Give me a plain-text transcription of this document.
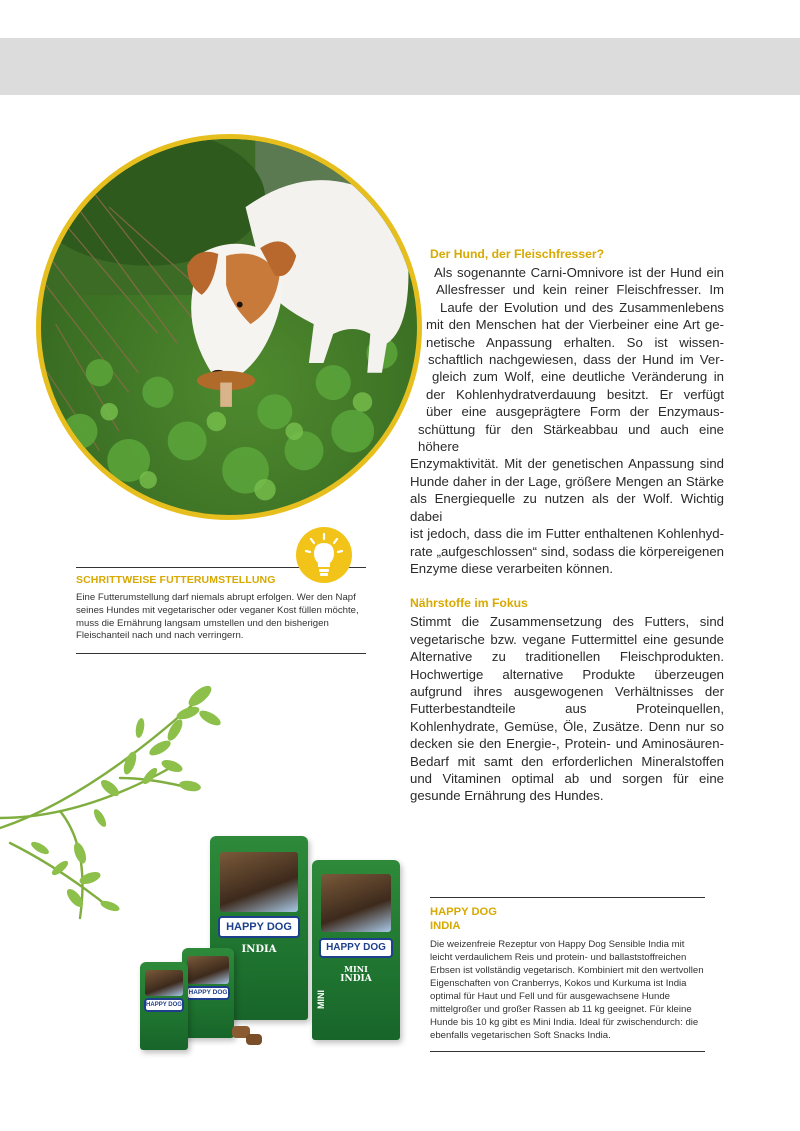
Der Hund, der Fleischfresser?
Als sogenannte Carni-Omnivore ist der Hund ein
Allesfresser und kein reiner Fleischfresser. Im
Laufe der Evolution und des Zusammenlebens
mit den Menschen hat der Vierbeiner eine Art ge-
netische Anpassung erhalten. So ist wissen-
schaftlich nachgewiesen, dass der Hund im Ver-
gleich zum Wolf, eine deutliche Veränderung in
der Kohlenhydratverdauung besitzt. Er verfügt
über eine ausgeprägtere Form der Enzymaus-
schüttung für den Stärkeabbau und auch eine höhere
Enzymaktivität. Mit der genetischen Anpassung sind
Hunde daher in der Lage, größere Mengen an Stärke
als Energiequelle zu nutzen als der Wolf. Wichtig dabei
ist jedoch, dass die im Futter enthaltenen Kohlenhyd-
rate „aufgeschlossen“ sind, sodass die körpereigenen
Enzyme diese verarbeiten können.
Nährstoffe im Fokus

Stimmt die Zusammensetzung des Futters, sind vegetarische bzw. vegane Futtermittel eine gesunde Alternative zu traditionellen Fleischprodukten. Hochwertige alternative Produkte überzeugen aufgrund ihres ausgewogenen Verhältnisses der Futterbestandteile aus Proteinquellen, Kohlenhydrate, Gemüse, Öle, Zusätze. Denn nur so decken sie den Energie-, Protein- und Aminosäuren-Bedarf mit samt den erforderlichen Mineralstoffen und Vitaminen optimal ab und sorgen für eine gesunde Ernährung des Hundes.

SCHRITTWEISE FUTTERUMSTELLUNG
Eine Futterumstellung darf niemals abrupt erfolgen. Wer den Napf seines Hundes mit vegetarischer oder veganer Kost füllen möchte, muss die Ernährung langsam umstellen und den bisherigen Fleischanteil nach und nach verringern.
HAPPY DOG
INDIA	HAPPY DOG
MINI
INDIA
MINI
HAPPY DOG
HAPPY DOG
HAPPY DOG
INDIA
Die weizenfreie Rezeptur von Happy Dog Sensible India mit leicht verdaulichem Reis und protein- und ballaststoffreichen Erbsen ist vollständig vegetarisch. Kombiniert mit den wertvollen Eigenschaften von Cranberrys, Kokos und Kurkuma ist India optimal für Haut und Fell und für ausgewachsene Hunde mittelgroßer und großer Rassen ab 11 kg geeignet. Für kleine Hunde bis 10 kg gibt es Mini India. Ideal für zwischendurch: die ebenfalls vegetarischen Soft Snacks India.
